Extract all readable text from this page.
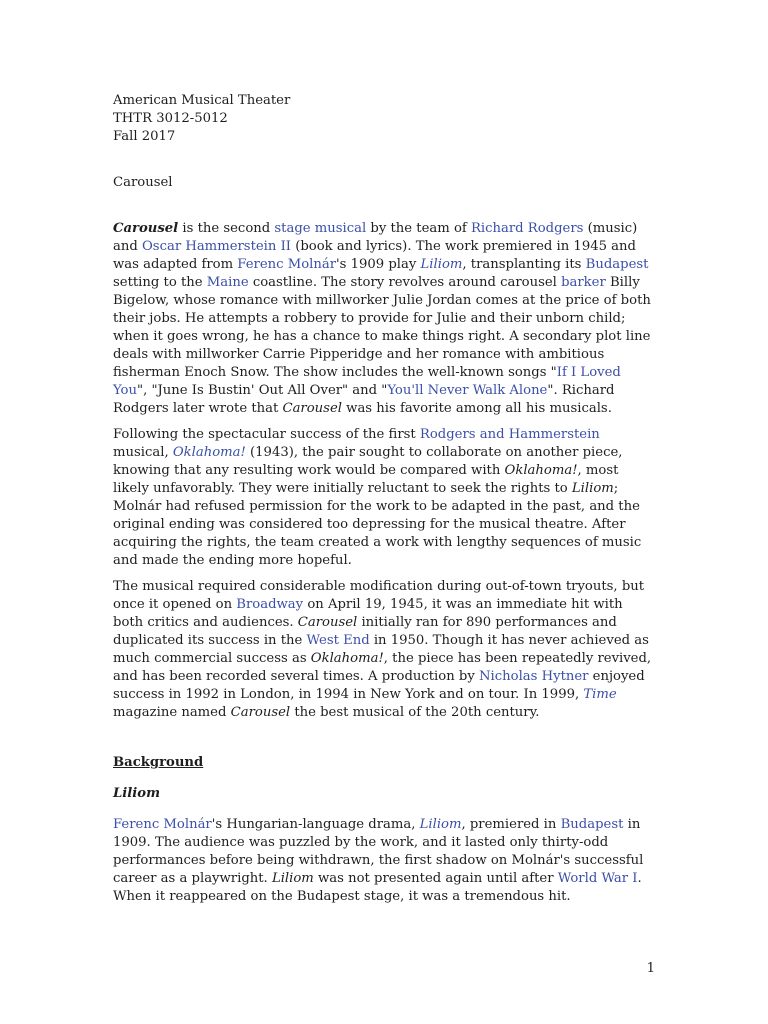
American Musical Theater

THTR 3012-5012

Fall 2017

Carousel

Carousel is the second stage musical by the team of Richard Rodgers (music) and Oscar Hammerstein II (book and lyrics). The work premiered in 1945 and was adapted from Ferenc Molnár's 1909 play Liliom, transplanting its Budapest setting to the Maine coastline. The story revolves around carousel barker Billy Bigelow, whose romance with millworker Julie Jordan comes at the price of both their jobs. He attempts a robbery to provide for Julie and their unborn child; when it goes wrong, he has a chance to make things right. A secondary plot line deals with millworker Carrie Pipperidge and her romance with ambitious fisherman Enoch Snow. The show includes the well-known songs "If I Loved You", "June Is Bustin' Out All Over" and "You'll Never Walk Alone". Richard Rodgers later wrote that Carousel was his favorite among all his musicals.

Following the spectacular success of the first Rodgers and Hammerstein musical, Oklahoma! (1943), the pair sought to collaborate on another piece, knowing that any resulting work would be compared with Oklahoma!, most likely unfavorably. They were initially reluctant to seek the rights to Liliom; Molnár had refused permission for the work to be adapted in the past, and the original ending was considered too depressing for the musical theatre. After acquiring the rights, the team created a work with lengthy sequences of music and made the ending more hopeful.

The musical required considerable modification during out-of-town tryouts, but once it opened on Broadway on April 19, 1945, it was an immediate hit with both critics and audiences. Carousel initially ran for 890 performances and duplicated its success in the West End in 1950. Though it has never achieved as much commercial success as Oklahoma!, the piece has been repeatedly revived, and has been recorded several times. A production by Nicholas Hytner enjoyed success in 1992 in London, in 1994 in New York and on tour. In 1999, Time magazine named Carousel the best musical of the 20th century.

Background

Liliom

Ferenc Molnár's Hungarian-language drama, Liliom, premiered in Budapest in 1909. The audience was puzzled by the work, and it lasted only thirty-odd performances before being withdrawn, the first shadow on Molnár's successful career as a playwright. Liliom was not presented again until after World War I. When it reappeared on the Budapest stage, it was a tremendous hit.

1
